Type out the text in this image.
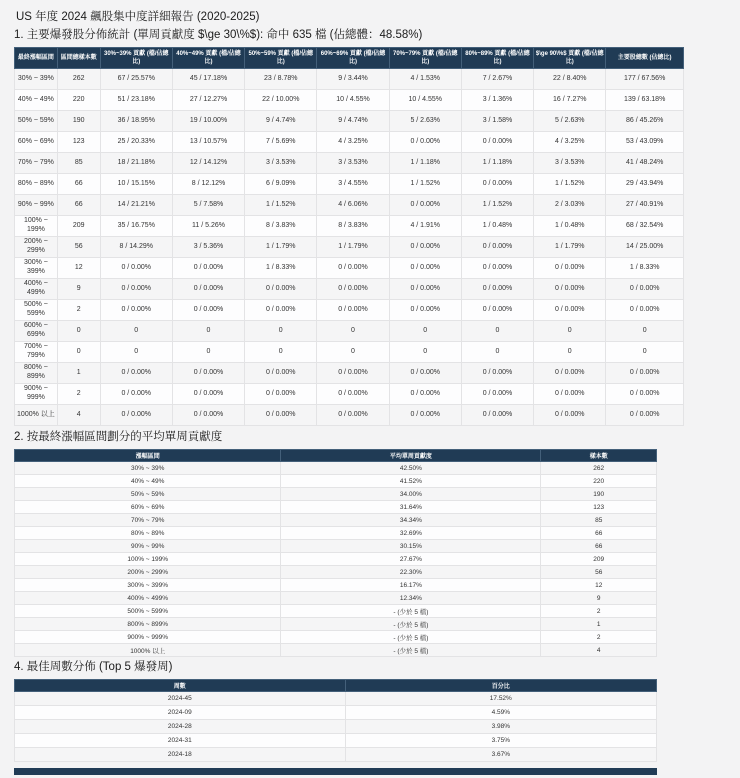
US 年度 2024 飆股集中度詳細報告 (2020-2025)
1. 主要爆發股分佈統計 (單周貢獻度 $\ge 30\%$): 命中 635 檔 (佔總體：48.58%)
最終漲幅區間	區間總樣本數	30%~39% 貢獻 (檔/佔總比)	40%~49% 貢獻 (檔/佔總比)	50%~59% 貢獻 (檔/佔總比)	60%~69% 貢獻 (檔/佔總比)	70%~79% 貢獻 (檔/佔總比)	80%~89% 貢獻 (檔/佔總比)	$\ge 90\%$ 貢獻 (檔/佔總比)	主要股總數 (佔總比)
30% ~ 39%	262	67 / 25.57%	45 / 17.18%	23 / 8.78%	9 / 3.44%	4 / 1.53%	7 / 2.67%	22 / 8.40%	177 / 67.56%
40% ~ 49%	220	51 / 23.18%	27 / 12.27%	22 / 10.00%	10 / 4.55%	10 / 4.55%	3 / 1.36%	16 / 7.27%	139 / 63.18%
50% ~ 59%	190	36 / 18.95%	19 / 10.00%	9 / 4.74%	9 / 4.74%	5 / 2.63%	3 / 1.58%	5 / 2.63%	86 / 45.26%
60% ~ 69%	123	25 / 20.33%	13 / 10.57%	7 / 5.69%	4 / 3.25%	0 / 0.00%	0 / 0.00%	4 / 3.25%	53 / 43.09%
70% ~ 79%	85	18 / 21.18%	12 / 14.12%	3 / 3.53%	3 / 3.53%	1 / 1.18%	1 / 1.18%	3 / 3.53%	41 / 48.24%
80% ~ 89%	66	10 / 15.15%	8 / 12.12%	6 / 9.09%	3 / 4.55%	1 / 1.52%	0 / 0.00%	1 / 1.52%	29 / 43.94%
90% ~ 99%	66	14 / 21.21%	5 / 7.58%	1 / 1.52%	4 / 6.06%	0 / 0.00%	1 / 1.52%	2 / 3.03%	27 / 40.91%
100% ~ 199%	209	35 / 16.75%	11 / 5.26%	8 / 3.83%	8 / 3.83%	4 / 1.91%	1 / 0.48%	1 / 0.48%	68 / 32.54%
200% ~ 299%	56	8 / 14.29%	3 / 5.36%	1 / 1.79%	1 / 1.79%	0 / 0.00%	0 / 0.00%	1 / 1.79%	14 / 25.00%
300% ~ 399%	12	0 / 0.00%	0 / 0.00%	1 / 8.33%	0 / 0.00%	0 / 0.00%	0 / 0.00%	0 / 0.00%	1 / 8.33%
400% ~ 499%	9	0 / 0.00%	0 / 0.00%	0 / 0.00%	0 / 0.00%	0 / 0.00%	0 / 0.00%	0 / 0.00%	0 / 0.00%
500% ~ 599%	2	0 / 0.00%	0 / 0.00%	0 / 0.00%	0 / 0.00%	0 / 0.00%	0 / 0.00%	0 / 0.00%	0 / 0.00%
600% ~ 699%	0	0	0	0	0	0	0	0	0
700% ~ 799%	0	0	0	0	0	0	0	0	0
800% ~ 899%	1	0 / 0.00%	0 / 0.00%	0 / 0.00%	0 / 0.00%	0 / 0.00%	0 / 0.00%	0 / 0.00%	0 / 0.00%
900% ~ 999%	2	0 / 0.00%	0 / 0.00%	0 / 0.00%	0 / 0.00%	0 / 0.00%	0 / 0.00%	0 / 0.00%	0 / 0.00%
1000% 以上	4	0 / 0.00%	0 / 0.00%	0 / 0.00%	0 / 0.00%	0 / 0.00%	0 / 0.00%	0 / 0.00%	0 / 0.00%
2. 按最終漲幅區間劃分的平均單周貢獻度
漲幅區間	平均單周貢獻度	樣本數
30% ~ 39%	42.50%	262
40% ~ 49%	41.52%	220
50% ~ 59%	34.00%	190
60% ~ 69%	31.64%	123
70% ~ 79%	34.34%	85
80% ~ 89%	32.69%	66
90% ~ 99%	30.15%	66
100% ~ 199%	27.67%	209
200% ~ 299%	22.30%	56
300% ~ 399%	16.17%	12
400% ~ 499%	12.34%	9
500% ~ 599%	- (少於 5 檔)	2
800% ~ 899%	- (少於 5 檔)	1
900% ~ 999%	- (少於 5 檔)	2
1000% 以上	- (少於 5 檔)	4
4. 最佳周數分佈 (Top 5 爆發周)
周數	百分比
2024-45	17.52%
2024-09	4.59%
2024-28	3.98%
2024-31	3.75%
2024-18	3.67%
